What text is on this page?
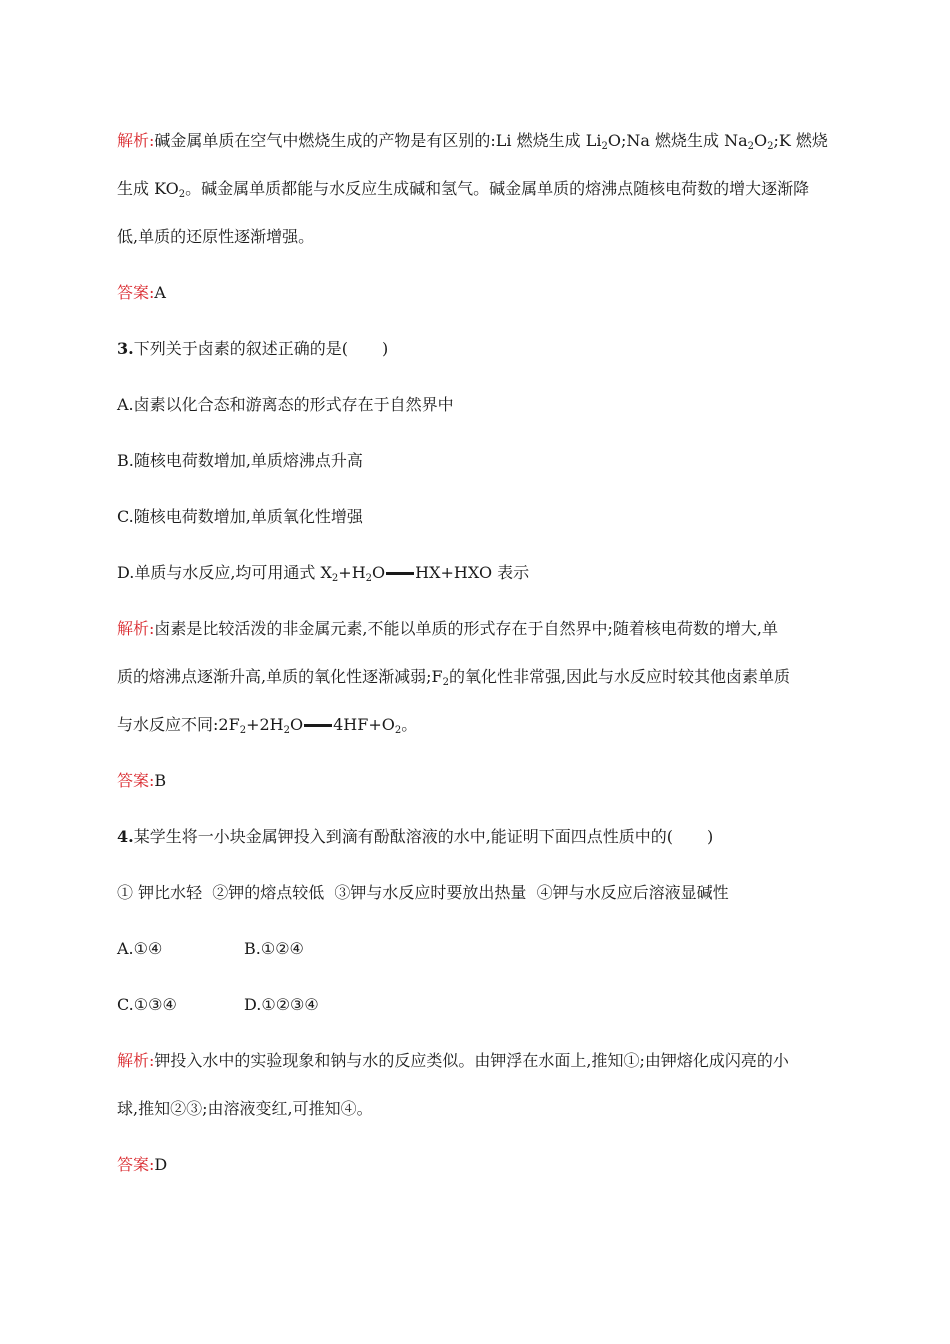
解析:碱金属单质在空气中燃烧生成的产物是有区别的:Li 燃烧生成 $Li_2O;Na$ 燃烧生成 $Na_2O_2;K$ 燃烧
生成 $KO_2$。碱金属单质都能与水反应生成碱和氢气。碱金属单质的熔沸点随核电荷数的增大逐渐降
低,单质的还原性逐渐增强。
答案:A
3.下列关于卤素的叙述正确的是( )
A.卤素以化合态和游离态的形式存在于自然界中
B.随核电荷数增加,单质熔沸点升高
C.随核电荷数增加,单质氧化性增强
D.单质与水反应,均可用通式 $X_2+H_2O$ HX+HXO 表示
解析:卤素是比较活泼的非金属元素,不能以单质的形式存在于自然界中;随着核电荷数的增大,单
质的熔沸点逐渐升高,单质的氧化性逐渐减弱$;F_2$的氧化性非常强,因此与水反应时较其他卤素单质
与水反应不同$:2F_2+2H_2O$ $4HF+O_2$。
答案:B
4.某学生将一小块金属钾投入到滴有酚酞溶液的水中,能证明下面四点性质中的( )
① 钾比水轻  ②钾的熔点较低  ③钾与水反应时要放出热量  ④钾与水反应后溶液显碱性
A.①④	B.①②④
C.①③④	D.①②③④
解析:钾投入水中的实验现象和钠与水的反应类似。由钾浮在水面上,推知①;由钾熔化成闪亮的小
球,推知②③;由溶液变红,可推知④。
答案:D
